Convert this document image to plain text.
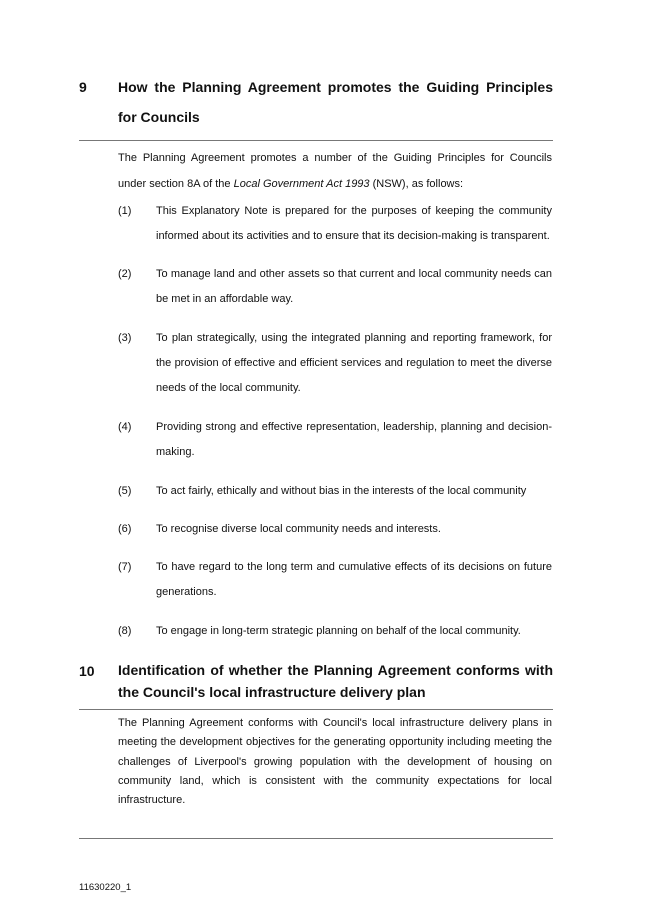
9 How the Planning Agreement promotes the Guiding Principles for Councils
The Planning Agreement promotes a number of the Guiding Principles for Councils under section 8A of the Local Government Act 1993 (NSW), as follows:
(1) This Explanatory Note is prepared for the purposes of keeping the community informed about its activities and to ensure that its decision-making is transparent.
(2) To manage land and other assets so that current and local community needs can be met in an affordable way.
(3) To plan strategically, using the integrated planning and reporting framework, for the provision of effective and efficient services and regulation to meet the diverse needs of the local community.
(4) Providing strong and effective representation, leadership, planning and decision-making.
(5) To act fairly, ethically and without bias in the interests of the local community
(6) To recognise diverse local community needs and interests.
(7) To have regard to the long term and cumulative effects of its decisions on future generations.
(8) To engage in long-term strategic planning on behalf of the local community.
10 Identification of whether the Planning Agreement conforms with the Council's local infrastructure delivery plan
The Planning Agreement conforms with Council's local infrastructure delivery plans in meeting the development objectives for the generating opportunity including meeting the challenges of Liverpool's growing population with the development of housing on community land, which is consistent with the community expectations for local infrastructure.
11630220_1
